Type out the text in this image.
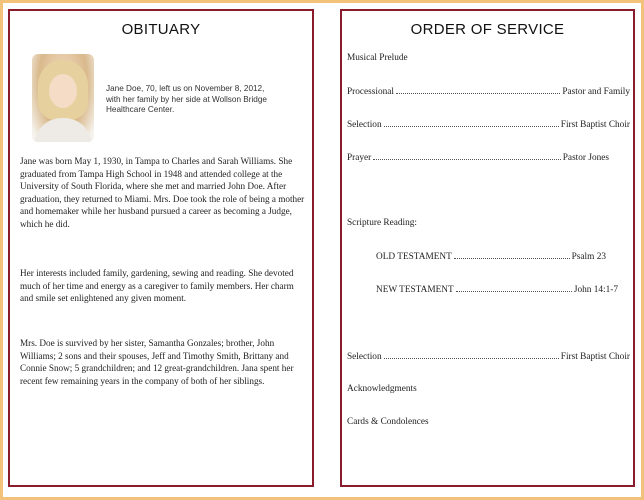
OBITUARY
Jane Doe, 70, left us on November 8, 2012, with her family by her side at Wollson Bridge Healthcare Center.
Jane was born May 1, 1930, in Tampa to Charles and Sarah Williams. She graduated from Tampa High School in 1948 and attended college at the University of South Florida, where she met and married John Doe. After graduation, they returned to Miami. Mrs. Doe took the role of being a mother and homemaker while her husband pursued a career as becoming a Judge, which he did.
Her interests included family, gardening, sewing and reading. She devoted much of her time and energy as a caregiver to family members. Her charm and smile set enlightened any given moment.
Mrs. Doe is survived by her sister, Samantha Gonzales; brother, John Williams; 2 sons and their spouses, Jeff and Timothy Smith, Brittany and Connie Snow; 5 grandchildren; and 12 great-grandchildren. Jana spent her recent few remaining years in the company of both of her siblings.
ORDER OF SERVICE
Musical Prelude
Processional	Pastor and Family
Selection	First Baptist Choir
Prayer	Pastor Jones
Scripture Reading:
OLD TESTAMENT	Psalm 23
NEW TESTAMENT	John 14:1-7
Selection	First Baptist Choir
Acknowledgments
Cards & Condolences
